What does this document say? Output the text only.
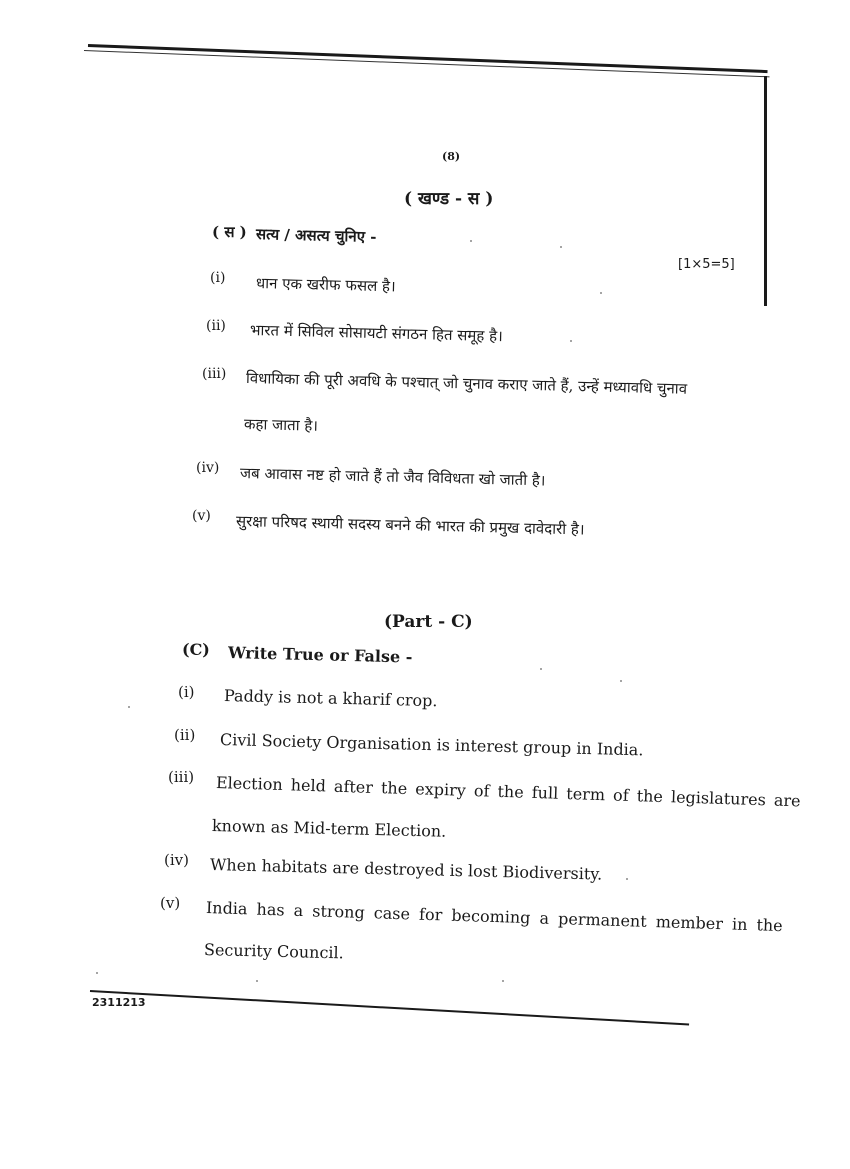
(8)
( खण्ड - स )
( स ) सत्य / असत्य चुनिए -
[1×5=5]
(i) धान एक खरीफ फसल है।
(ii) भारत में सिविल सोसायटी संगठन हित समूह है।
(iii) विधायिका की पूरी अवधि के पश्चात् जो चुनाव कराए जाते हैं, उन्हें मध्यावधि चुनाव
कहा जाता है।
(iv) जब आवास नष्ट हो जाते हैं तो जैव विविधता खो जाती है।
(v) सुरक्षा परिषद स्थायी सदस्य बनने की भारत की प्रमुख दावेदारी है।
(Part - C)
(C) Write True or False -
(i) Paddy is not a kharif crop.
(ii) Civil Society Organisation is interest group in India.
(iii) Election held after the expiry of the full term of the legislatures are
known as Mid-term Election.
(iv) When habitats are destroyed is lost Biodiversity.
(v) India has a strong case for becoming a permanent member in the
Security Council.
2311213
